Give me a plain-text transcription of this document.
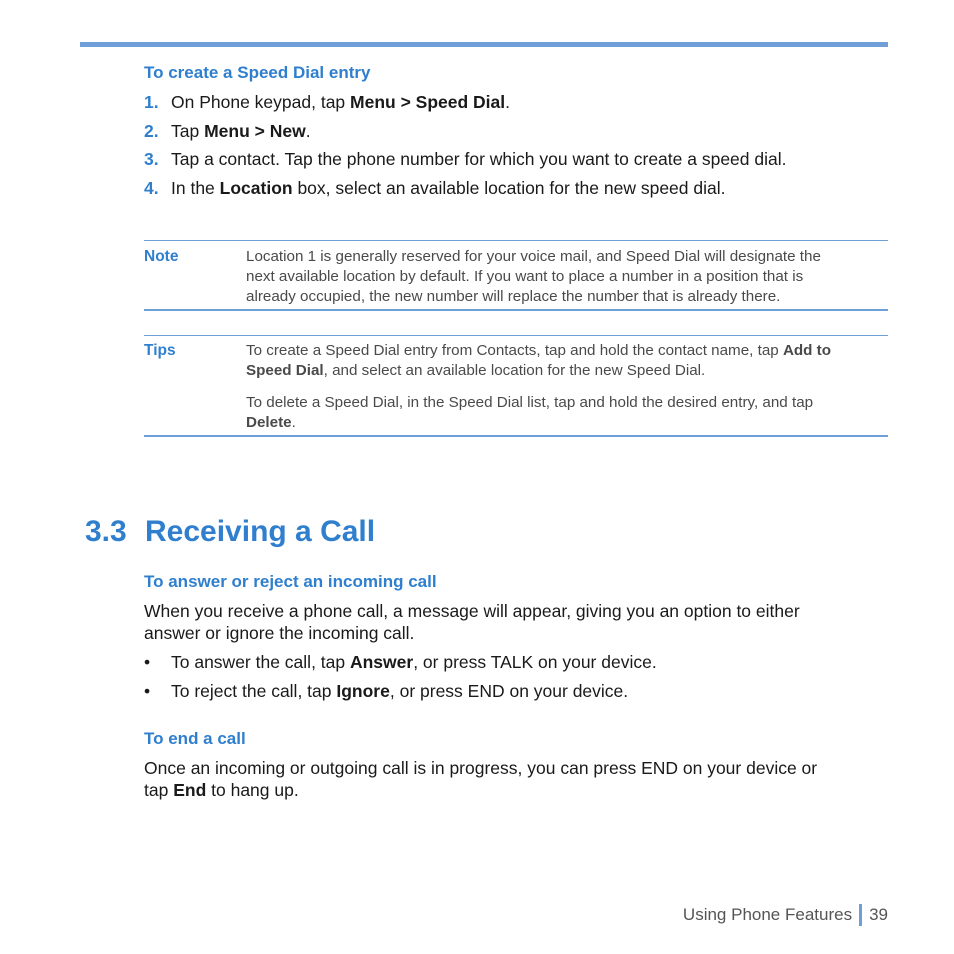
To create a Speed Dial entry
1. On Phone keypad, tap Menu > Speed Dial.
2. Tap Menu > New.
3. Tap a contact. Tap the phone number for which you want to create a speed dial.
4. In the Location box, select an available location for the new speed dial.
Note	Location 1 is generally reserved for your voice mail, and Speed Dial will designate the
next available location by default. If you want to place a number in a position that is
already occupied, the new number will replace the number that is already there.
Tips	To create a Speed Dial entry from Contacts, tap and hold the contact name, tap Add to
Speed Dial, and select an available location for the new Speed Dial.
To delete a Speed Dial, in the Speed Dial list, tap and hold the desired entry, and tap
Delete.
3.3 Receiving a Call
To answer or reject an incoming call
When you receive a phone call, a message will appear, giving you an option to either
answer or ignore the incoming call.
• To answer the call, tap Answer, or press TALK on your device.
• To reject the call, tap Ignore, or press END on your device.
To end a call
Once an incoming or outgoing call is in progress, you can press END on your device or
tap End to hang up.
Using Phone Features 39
